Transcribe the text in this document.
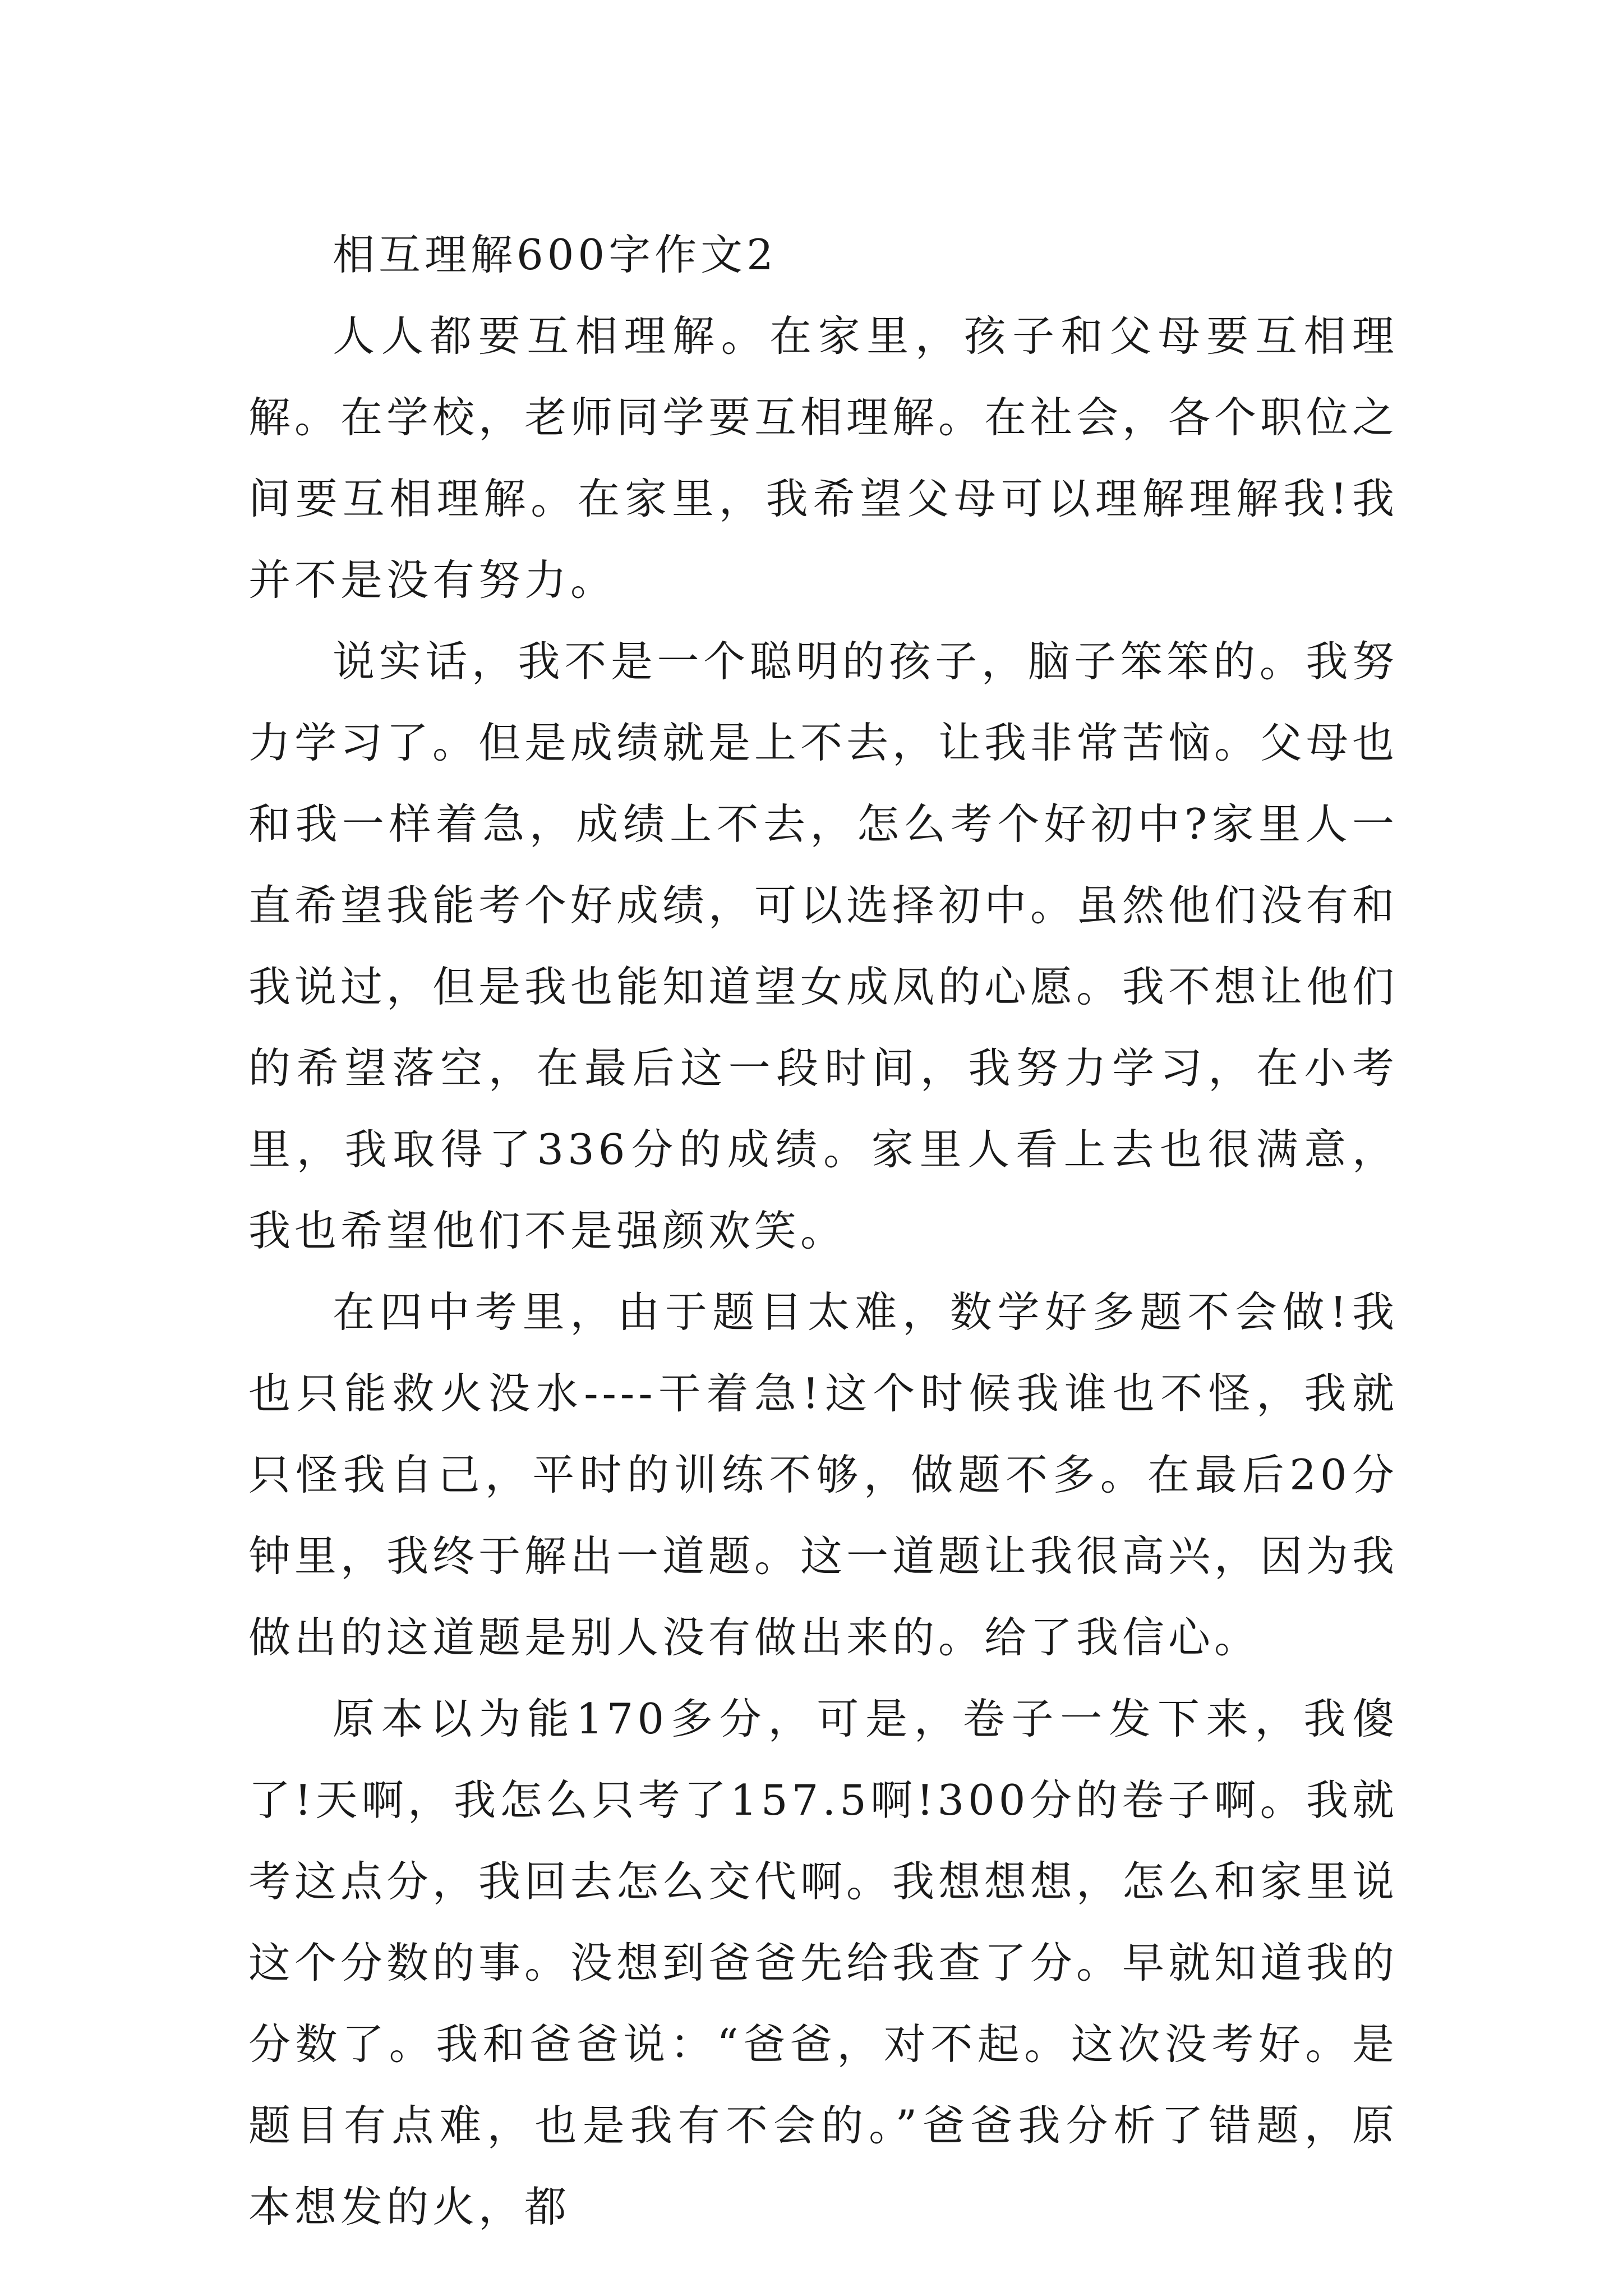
相互理解600字作文2

人人都要互相理解。在家里，孩子和父母要互相理解。在学校，老师同学要互相理解。在社会，各个职位之间要互相理解。在家里，我希望父母可以理解理解我!我并不是没有努力。

说实话，我不是一个聪明的孩子，脑子笨笨的。我努力学习了。但是成绩就是上不去，让我非常苦恼。父母也和我一样着急，成绩上不去，怎么考个好初中?家里人一直希望我能考个好成绩，可以选择初中。虽然他们没有和我说过，但是我也能知道望女成凤的心愿。我不想让他们的希望落空，在最后这一段时间，我努力学习，在小考里，我取得了336分的成绩。家里人看上去也很满意，我也希望他们不是强颜欢笑。

在四中考里，由于题目太难，数学好多题不会做!我也只能救火没水----干着急!这个时候我谁也不怪，我就只怪我自己，平时的训练不够，做题不多。在最后20分钟里，我终于解出一道题。这一道题让我很高兴，因为我做出的这道题是别人没有做出来的。给了我信心。

原本以为能170多分，可是，卷子一发下来，我傻了!天啊，我怎么只考了157.5啊!300分的卷子啊。我就考这点分，我回去怎么交代啊。我想想想，怎么和家里说这个分数的事。没想到爸爸先给我查了分。早就知道我的分数了。我和爸爸说：“爸爸，对不起。这次没考好。是题目有点难，也是我有不会的。”爸爸我分析了错题，原本想发的火，都
